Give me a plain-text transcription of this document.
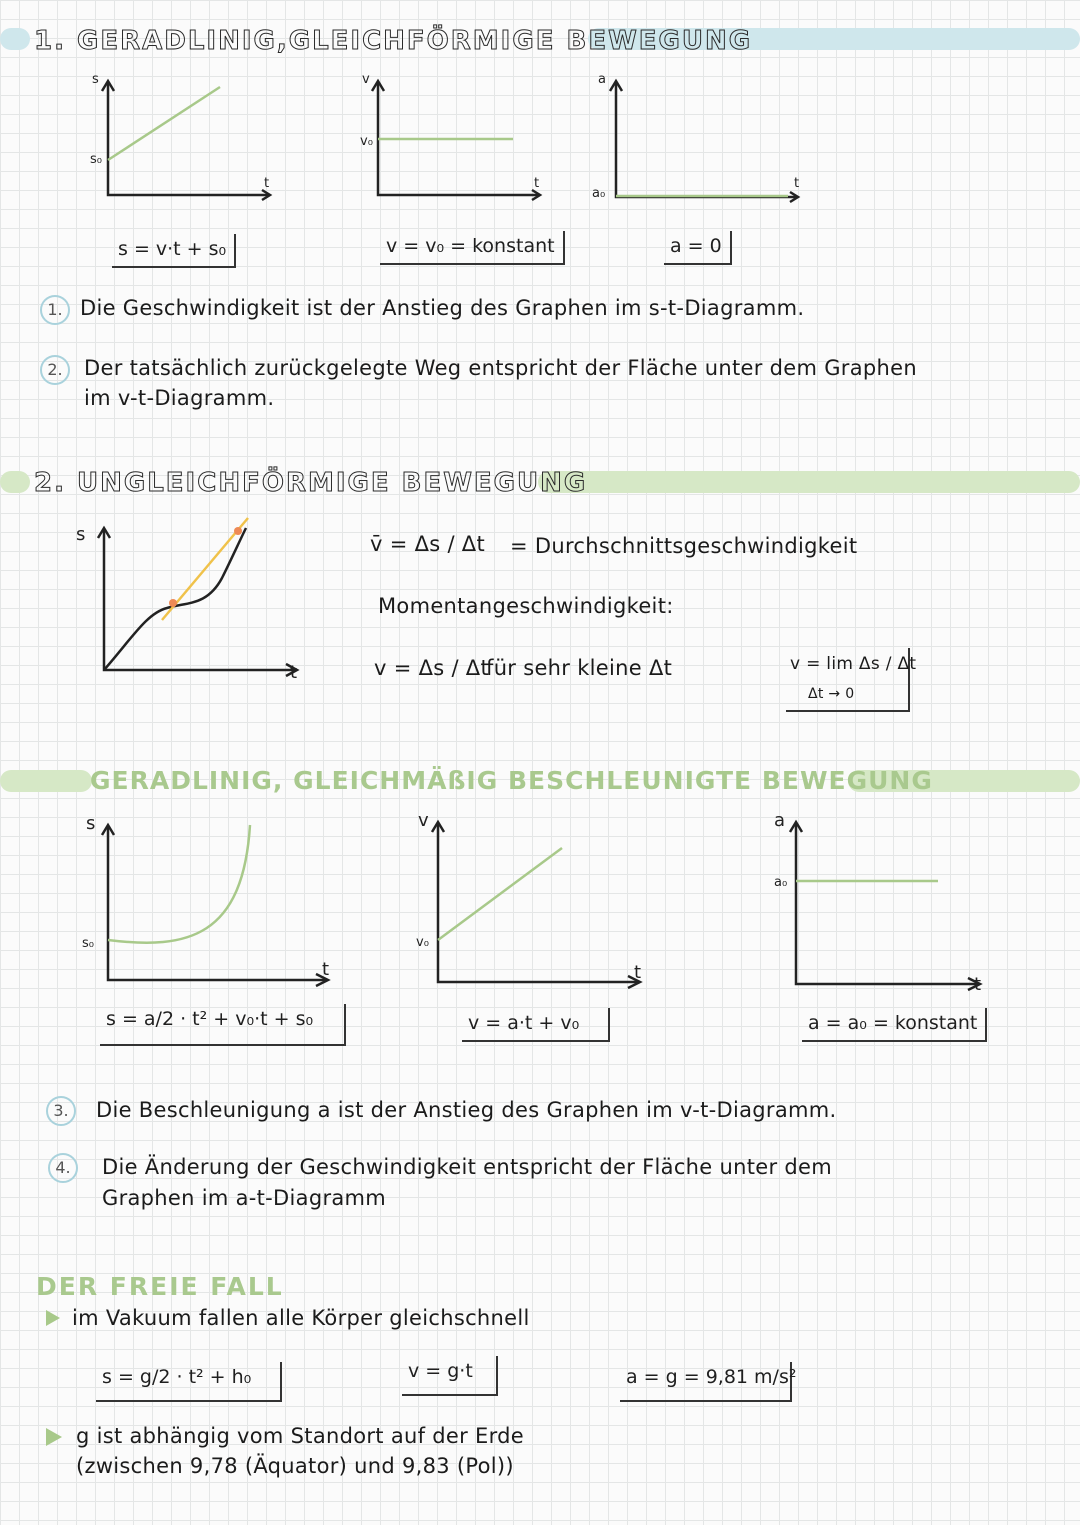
1. GERADLINIG,GLEICHFÖRMIGE BEWEGUNG
s
t
s₀
v
t
v₀
a
t
a₀
s = v·t + s₀	v = v₀ = konstant	a = 0
1. Die Geschwindigkeit ist der Anstieg des Graphen im s-t-Diagramm.
2.	Der tatsächlich zurückgelegte Weg entspricht der Fläche unter dem Graphen
im v-t-Diagramm.
2. UNGLEICHFÖRMIGE BEWEGUNG
s
t
v̄ = Δs / Δt = Durchschnittsgeschwindigkeit
Momentangeschwindigkeit:
v = Δs / Δt
für sehr kleine Δt	v = lim Δs / Δt
Δt → 0
GERADLINIG, GLEICHMÄßIG BESCHLEUNIGTE BEWEGUNG
s
t
s₀
v
t
v₀
a
t
a₀
s = a/2 · t² + v₀·t + s₀	v = a·t + v₀	a = a₀ = konstant
3.	Die Beschleunigung a ist der Anstieg des Graphen im v-t-Diagramm.
4.	Die Änderung der Geschwindigkeit entspricht der Fläche unter dem
Graphen im a-t-Diagramm
DER FREIE FALL
im Vakuum fallen alle Körper gleichschnell
s = g/2 · t² + h₀	v = g·t	a = g = 9,81 m/s²
g ist abhängig vom Standort auf der Erde
(zwischen 9,78 (Äquator) und 9,83 (Pol))
